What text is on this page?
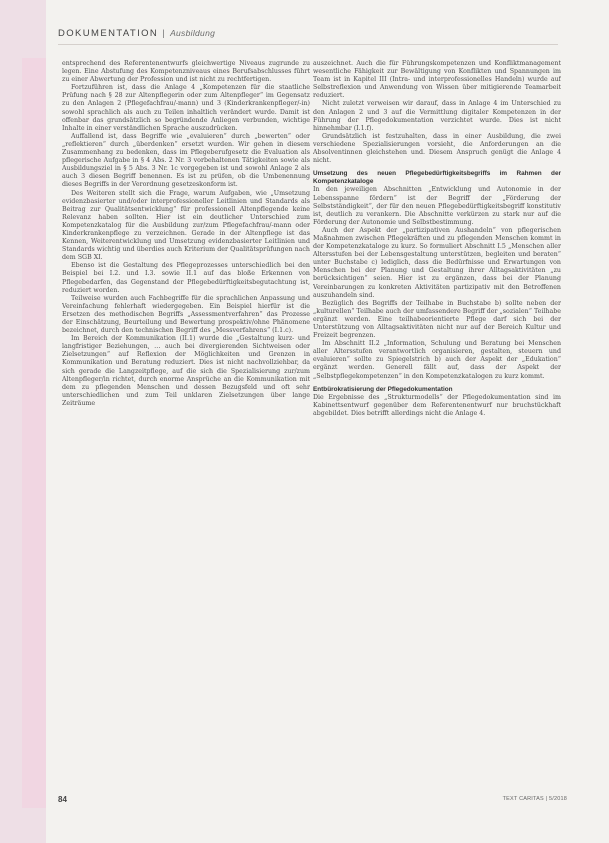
DOKUMENTATION | Ausbildung

entsprechend des Referentenentwurfs gleichwertige Niveaus zugrunde zu legen. Eine Abstufung des Kompetenzniveaus eines Berufsabschlusses führt zu einer Abwertung der Profession und ist nicht zu rechtfertigen.

Fortzuführen ist, dass die Anlage 4 „Kompetenzen für die staatliche Prüfung nach § 28 zur Altenpflegerin oder zum Altenpfleger“ im Gegensatz zu den Anlagen 2 (Pflegefachfrau/-mann) und 3 (Kinderkrankenpfleger/-in) sowohl sprachlich als auch zu Teilen inhaltlich verändert wurde. Damit ist offenbar das grundsätzlich so begründende Anliegen verbunden, wichtige Inhalte in einer verständlichen Sprache auszudrücken.

Auffallend ist, dass Begriffe wie „evaluieren“ durch „bewerten“ oder „reflektieren“ durch „überdenken“ ersetzt wurden. Wir gehen in diesem Zusammenhang zu bedenken, dass im Pflegeberufgesetz die Evaluation als pflegerische Aufgabe in § 4 Abs. 2 Nr. 3 vorbehaltenen Tätigkeiten sowie als Ausbildungsziel in § 5 Abs. 3 Nr. 1c vorgegeben ist und sowohl Anlage 2 als auch 3 diesen Begriff benennen. Es ist zu prüfen, ob die Umbenennung dieses Begriffs in der Verordnung gesetzeskonform ist.

Des Weiteren stellt sich die Frage, warum Aufgaben, wie „Umsetzung evidenzbasierter und/oder interprofessioneller Leitlinien und Standards als Beitrag zur Qualitätsentwicklung“ für professionell Altenpflegende keine Relevanz haben sollten. Hier ist ein deutlicher Unterschied zum Kompetenzkatalog für die Ausbildung zur/zum Pflegefachfrau/-mann oder Kinderkrankenpflege zu verzeichnen. Gerade in der Altenpflege ist das Kennen, Weiterentwicklung und Umsetzung evidenzbasierter Leitlinien und Standards wichtig und überdies auch Kriterium der Qualitätsprüfungen nach dem SGB XI.

Ebenso ist die Gestaltung des Pflegeprozesses unterschiedlich bei den Beispiel bei I.2. und I.3. sowie II.1 auf das bloße Erkennen von Pflegebedarfen, das Gegenstand der Pflegebedürftigkeitsbegutachtung ist, reduziert worden.

Teilweise wurden auch Fachbegriffe für die sprachlichen Anpassung und Vereinfachung fehlerhaft wiedergegeben. Ein Beispiel hierfür ist die Ersetzen des methodischen Begriffs „Assessmentverfahren“ das Prozesse der Einschätzung, Beurteilung und Bewertung prospektiv/ohne Phänomene bezeichnet, durch den technischen Begriff des „Messverfahrens“ (I.1.c).

Im Bereich der Kommunikation (II.1) wurde die „Gestaltung kurz- und langfristiger Beziehungen, … auch bei divergierenden Sichtweisen oder Zielsetzungen“ auf Reflexion der Möglichkeiten und Grenzen in Kommunikation und Beratung reduziert. Dies ist nicht nachvollziehbar, da sich gerade die Langzeitpflege, auf die sich die Spezialisierung zur/zum Altenpfleger/in richtet, durch enorme Ansprüche an die Kommunikation mit dem zu pflegenden Menschen und dessen Bezugsfeld und oft sehr unterschiedlichen und zum Teil unklaren Zielsetzungen über lange Zeiträume

auszeichnet. Auch die für Führungskompetenzen und Konfliktmanagement wesentliche Fähigkeit zur Bewältigung von Konflikten und Spannungen im Team ist in Kapitel III (Intra- und interprofessionelles Handeln) wurde auf Selbstreflexion und Anwendung von Wissen über mitigierende Teamarbeit reduziert.

Nicht zuletzt verweisen wir darauf, dass in Anlage 4 im Unterschied zu den Anlagen 2 und 3 auf die Vermittlung digitaler Kompetenzen in der Führung der Pflegedokumentation verzichtet wurde. Dies ist nicht hinnehmbar (I.1.f).

Grundsätzlich ist festzuhalten, dass in einer Ausbildung, die zwei verschiedene Spezialisierungen vorsieht, die Anforderungen an die Absolventinnen gleichstehen und. Diesem Anspruch genügt die Anlage 4 nicht.

Umsetzung des neuen Pflegebedürftigkeitsbegriffs im Rahmen der Kompetenzkataloge

In den jeweiligen Abschnitten „Entwicklung und Autonomie in der Lebensspanne fördern“ ist der Begriff der „Förderung der Selbstständigkeit“, der für den neuen Pflegebedürftigkeitsbegriff konstitutiv ist, deutlich zu verankern. Die Abschnitte verkürzen zu stark nur auf die Förderung der Autonomie und Selbstbestimmung.

Auch der Aspekt der „partizipativen Aushandeln“ von pflegerischen Maßnahmen zwischen Pflegekräften und zu pflegenden Menschen kommt in der Kompetenzkataloge zu kurz. So formuliert Abschnitt I.5 „Menschen aller Altersstufen bei der Lebensgestaltung unterstützen, begleiten und beraten“ unter Buchstabe c) lediglich, dass die Bedürfnisse und Erwartungen von Menschen bei der Planung und Gestaltung ihrer Alltagsaktivitäten „zu berücksichtigen“ seien. Hier ist zu ergänzen, dass bei der Planung Vereinbarungen zu konkreten Aktivitäten partizipativ mit den Betroffenen auszuhandeln sind.

Bezüglich des Begriffs der Teilhabe in Buchstabe b) sollte neben der „kulturellen“ Teilhabe auch der umfassendere Begriff der „sozialen“ Teilhabe ergänzt werden. Eine teilhabeorientierte Pflege darf sich bei der Unterstützung von Alltagsaktivitäten nicht nur auf der Bereich Kultur und Freizeit begrenzen.

Im Abschnitt II.2 „Information, Schulung und Beratung bei Menschen aller Altersstufen verantwortlich organisieren, gestalten, steuern und evaluieren“ sollte zu Spiegelstrich b) auch der Aspekt der „Edukation“ ergänzt werden. Generell fällt auf, dass der Aspekt der „Selbstpflegekompetenzen“ in den Kompetenzkatalogen zu kurz kommt.

Entbürokratisierung der Pflegedokumentation

Die Ergebnisse des „Strukturmodells“ der Pflegedokumentation sind im Kabinettsentwurf gegenüber dem Referentenentwurf nur bruchstückhaft abgebildet. Dies betrifft allerdings nicht die Anlage 4.

84	TEXT CARITAS | 5/2018
